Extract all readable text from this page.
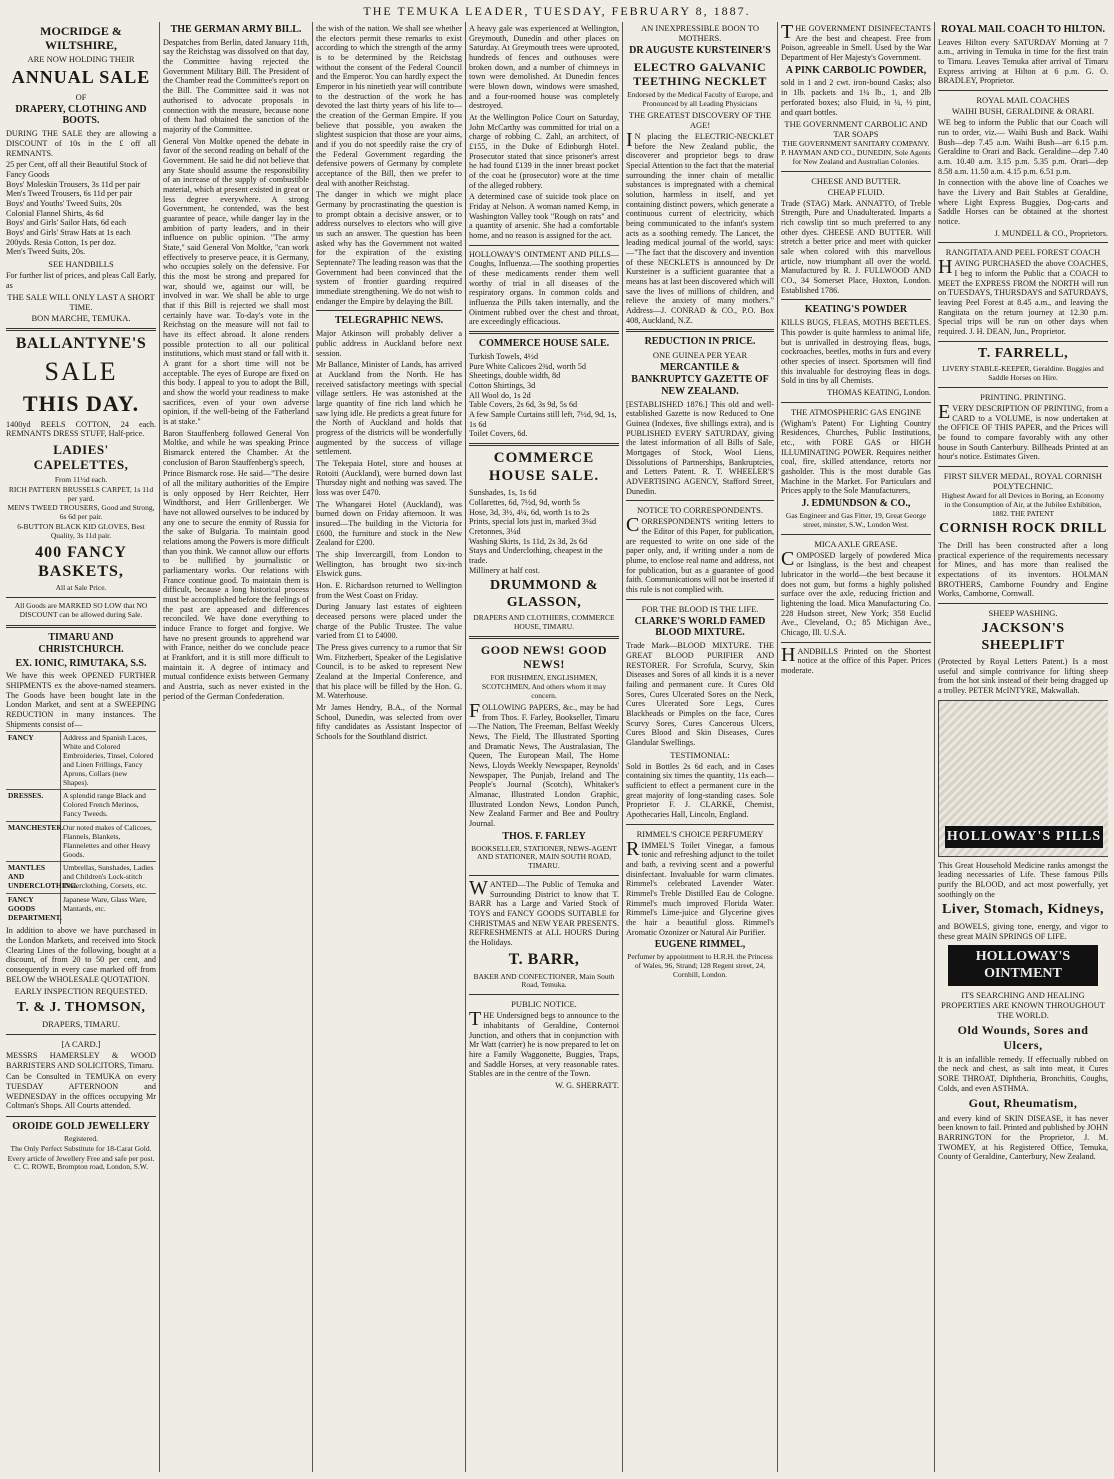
THE TEMUKA LEADER, TUESDAY, FEBRUARY 8, 1887.
MOCRIDGE & WILTSHIRE,
ARE NOW HOLDING THEIR
ANNUAL SALE
OF
DRAPERY, CLOTHING AND BOOTS.
DURING THE SALE they are allowing a DISCOUNT of 10s in the £ off all REMNANTS.
25 per Cent, off all their Beautiful Stock of Fancy Goods
Boys' Moleskin Trousers, 3s 11d per pair
Men's Tweed Trousers, 6s 11d per pair
Boys' and Youths' Tweed Suits, 20s
Colonial Flannel Shirts, 4s 6d
Boys' and Girls' Sailor Hats, 6d each
Boys' and Girls' Straw Hats at 1s each
200yds. Resia Cotton, 1s per doz.
Men's Tweed Suits, 20s.
SEE HANDBILLS
For further list of prices, and pleas Call Early, as
THE SALE WILL ONLY LAST A SHORT TIME.
BON MARCHE, TEMUKA.
BALLANTYNE'S
SALE
THIS DAY.
1400yd REELS COTTON, 24 each. REMNANTS DRESS STUFF, Half-price.
LADIES' CAPELETTES,
From 11½d each.
RICH PATTERN BRUSSELS CARPET, 1s 11d per yard.
MEN'S TWEED TROUSERS, Good and Strong, 6s 6d per pair.
6-BUTTON BLACK KID GLOVES, Best Quality, 3s 11d pair.
400 FANCY BASKETS,
All at Sale Price.
All Goods are MARKED SO LOW that NO DISCOUNT can be allowed during Sale.
TIMARU AND CHRISTCHURCH.
EX. IONIC, RIMUTAKA, S.S.
We have this week OPENED FURTHER SHIPMENTS ex the above-named steamers. The Goods have been bought late in the London Market, and sent at a SWEEPING REDUCTION in many instances. The Shipments consist of—
FANCY	Address and Spanish Laces, White and Colored Embroideries, Tinsel, Colored and Linen Frillings, Fancy Aprons, Collars (new Shapes).
DRESSES.	A splendid range Black and Colored French Merinos, Fancy Tweeds.
MANCHESTER. Our noted makes of Calicoes, Flannels, Blankets, Flannelettes and other Heavy Goods.
MANTLES AND UNDERCLOTHING.
Umbrellas, Sunshades, Ladies and Children's Lock-stitch Underclothing, Corsets, etc.
FANCY GOODS DEPARTMENT.
Japanese Ware, Glass Ware, Mantards, etc.
In addition to above we have purchased in the London Markets, and received into Stock Clearing Lines of the following, bought at a discount, of from 20 to 50 per cent, and consequently in every case marked off from BELOW the WHOLESALE QUOTATION.
EARLY INSPECTION REQUESTED.
T. & J. THOMSON,
DRAPERS, TIMARU.
[A CARD.]
MESSRS HAMERSLEY & WOOD BARRISTERS AND SOLICITORS, Timaru.
Can be Consulted in TEMUKA on every TUESDAY AFTERNOON and WEDNESDAY in the offices occupying Mr Coltman's Shops. All Courts attended.
OROIDE GOLD JEWELLERY
Registered.
The Only Perfect Substitute for 18-Carat Gold.
Every article of Jewellery Free and safe per post. C. C. ROWE, Brompton road, London, S.W.
THE GERMAN ARMY BILL.
Despatches from Berlin, dated January 11th, say the Reichstag was dissolved on that day, the Committee having rejected the Government Military Bill. The President of the Chamber read the Committee's report on the Bill. The Committee said it was not authorised to advocate proposals in connection with the measure, because none of them had obtained the sanction of the majority of the Committee.
General Von Moltke opened the debate in favor of the second reading on behalf of the Government. He said he did not believe that any State should assume the responsibility of an increase of the supply of combustible material, which at present existed in great or less degree everywhere. A strong Government, he contended, was the best guarantee of peace, while danger lay in the ambition of party leaders, and in their influence on public opinion. "The army State," said General Von Moltke, "can work effectively to preserve peace, it is Germany, who occupies solely on the defensive. For this the most be strong and prepared for war, should we, against our will, be involved in war. We shall be able to urge that if this Bill is rejected we shall most certainly have war. To-day's vote in the Reichstag on the measure will not fail to have its effect abroad. It alone renders possible protection to all our political institutions, which must stand or fall with it. A grant for a short time will not be acceptable. The eyes of Europe are fixed on this body. I appeal to you to adopt the Bill, and show the world your readiness to make sacrifices, even of your own adverse opinion, if the well-being of the Fatherland is at stake."
Baron Stauffenberg followed General Von Moltke, and while he was speaking Prince Bismarck entered the Chamber. At the conclusion of Baron Stauffenberg's speech,
Prince Bismarck rose. He said—"The desire of all the military authorities of the Empire is only opposed by Herr Reichter, Herr Windthorst, and Herr Grillenberger. We have not allowed ourselves to be induced by any one to secure the enmity of Russia for the sake of Bulgaria. To maintain good relations among the Powers is more difficult than you think. We cannot allow our efforts to be nullified by journalistic or parliamentary works. Our relations with France continue good. To maintain them is difficult, because a long historical process must be accomplished before the feelings of the past are appeased and differences reconciled. We have done everything to induce France to forget and forgive. We have no present grounds to apprehend war with France, neither do we conclude peace at Frankfort, and it is still more difficult to maintain it. A degree of intimacy and mutual confidence exists between Germany and Austria, such as never existed in the period of the German Confederation.
the wish of the nation. We shall see whether the electors permit these remarks to exist according to which the strength of the army is to be determined by the Reichstag without the consent of the Federal Council and the Emperor. You can hardly expect the Emperor in his ninetieth year will contribute to the destruction of the work he has devoted the last thirty years of his life to—the creation of the German Empire. If you believe that possible, you awaken the slightest suspicion that those are your aims, and if you do not speedily raise the cry of the Federal Government regarding the defensive powers of Germany by complete acceptance of the Bill, then we prefer to deal with another Reichstag.
The danger in which we might place Germany by procrastinating the question is to prompt obtain a decisive answer, or to address ourselves to electors who will give us such an answer. The question has been asked why has the Government not waited for the expiration of the existing Septennate? The leading reason was that the Government had been convinced that the system of frontier guarding required immediate strengthening. We do not wish to endanger the Empire by delaying the Bill.
TELEGRAPHIC NEWS.
Major Atkinson will probably deliver a public address in Auckland before next session.
Mr Ballance, Minister of Lands, has arrived at Auckland from the North. He has received satisfactory meetings with special village settlers. He was astonished at the large quantity of fine rich land which he saw lying idle. He predicts a great future for the North of Auckland and holds that progress of the districts will be wonderfully augmented by the success of village settlement.
The Tekepaia Hotel, store and houses at Rotoiti (Auckland), were burned down last Thursday night and nothing was saved. The loss was over £470.
The Whangarei Hotel (Auckland), was burned down on Friday afternoon. It was insured—The building in the Victoria for £600, the furniture and stock in the New Zealand for £200.
The ship Invercargill, from London to Wellington, has brought two six-inch Elswick guns.
Hon. E. Richardson returned to Wellington from the West Coast on Friday.
During January last estates of eighteen deceased persons were placed under the charge of the Public Trustee. The value varied from £1 to £4000.
The Press gives currency to a rumor that Sir Wm. Fitzherbert, Speaker of the Legislative Council, is to be asked to represent New Zealand at the Imperial Conference, and that his place will be filled by the Hon. G. M. Waterhouse.
Mr James Hendry, B.A., of the Normal School, Dunedin, was selected from over fifty candidates as Assistant Inspector of Schools for the Southland district.
A heavy gale was experienced at Wellington, Greymouth, Dunedin and other places on Saturday. At Greymouth trees were uprooted, hundreds of fences and outhouses were broken down, and a number of chimneys in town were demolished. At Dunedin fences were blown down, windows were smashed, and a four-roomed house was completely destroyed.
At the Wellington Police Court on Saturday, John McCarthy was committed for trial on a charge of robbing C. Zahl, an architect, of £155, in the Duke of Edinburgh Hotel. Prosecutor stated that since prisoner's arrest he had found £139 in the inner breast pocket of the coat he (prosecutor) wore at the time of the alleged robbery.
A determined case of suicide took place on Friday at Nelson. A woman named Kemp, in Washington Valley took "Rough on rats" and a quantity of arsenic. She had a comfortable home, and no reason is assigned for the act.
HOLLOWAY'S OINTMENT AND PILLS—Coughs, Influenza.—The soothing properties of these medicaments render them well worthy of trial in all diseases of the respiratory organs. In common colds and influenza the Pills taken internally, and the Ointment rubbed over the chest and throat, are exceedingly efficacious.
COMMERCE HOUSE SALE.
Turkish Towels, 4½d
Pure White Calicoes 2¾d, worth 5d
Sheetings, double width, 8d
Cotton Shirtings, 3d
All Wool do, 1s 2d
Table Covers, 2s 6d, 3s 9d, 5s 6d
A few Sample Curtains still left, 7½d, 9d, 1s, 1s 6d
Toilet Covers, 6d.
COMMERCE HOUSE SALE.
Sunshades, 1s, 1s 6d
Collarettes, 6d, 7½d, 9d, worth 5s
Hose, 3d, 3½, 4¼, 6d, worth 1s to 2s
Prints, special lots just in, marked 3¼d
Cretonnes, 3¼d
Washing Skirts, 1s 11d, 2s 3d, 2s 6d
Stays and Underclothing, cheapest in the trade.
Millinery at half cost.
DRUMMOND & GLASSON,
DRAPERS AND CLOTHIERS, COMMERCE HOUSE, TIMARU.
GOOD NEWS! GOOD NEWS!
FOR IRISHMEN, ENGLISHMEN, SCOTCHMEN, And others whom it may concern.
FOLLOWING PAPERS, &c., may be had from Thos. F. Farley, Bookseller, Timaru—The Nation, The Freeman, Belfast Weekly News, The Field, The Illustrated Sporting and Dramatic News, The Australasian, The Queen, The European Mail, The Home News, Lloyds Weekly Newspaper, Reynolds' Newspaper, The Punjab, Ireland and The People's Journal (Scotch), Whitaker's Almanac, Illustrated London Graphic, Illustrated London News, London Punch, New Zealand Farmer and Bee and Poultry Journal.
THOS. F. FARLEY
BOOKSELLER, STATIONER, NEWS-AGENT AND STATIONER, MAIN SOUTH ROAD, TIMARU.
WANTED—The Public of Temuka and Surrounding District to know that T. BARR has a Large and Varied Stock of TOYS and FANCY GOODS SUITABLE for CHRISTMAS and NEW YEAR PRESENTS. REFRESHMENTS at ALL HOURS During the Holidays.
T. BARR,
BAKER AND CONFECTIONER, Main South Road, Temuka.
PUBLIC NOTICE.
THE Undersigned begs to announce to the inhabitants of Geraldine, Conternoi Junction, and others that in conjunction with Mr Watt (carrier) he is now prepared to let on hire a Family Waggonette, Buggies, Traps, and Saddle Horses, at very reasonable rates. Stables are in the centre of the Town.
W. G. SHERRATT.
AN INEXPRESSIBLE BOON TO MOTHERS.
DR AUGUSTE KURSTEINER'S
ELECTRO GALVANIC TEETHING NECKLET
Endorsed by the Medical Faculty of Europe, and Pronounced by all Leading Physicians
THE GREATEST DISCOVERY OF THE AGE!
IN placing the ELECTRIC-NECKLET before the New Zealand public, the discoverer and proprietor begs to draw Special Attention to the fact that the material surrounding the inner chain of metallic substances is impregnated with a chemical solution, harmless in itself, and yet containing distinct powers, which generate a continuous current of electricity, which being communicated to the infant's system acts as a soothing remedy. The Lancet, the leading medical journal of the world, says:—"The fact that the discovery and invention of these NECKLETS is announced by Dr Kursteiner is a sufficient guarantee that a means has at last been discovered which will save the lives of millions of children, and relieve the anxiety of many mothers." Address—J. CONRAD & CO., P.O. Box 408, Auckland, N.Z.
REDUCTION IN PRICE.
ONE GUINEA PER YEAR
MERCANTILE & BANKRUPTCY GAZETTE OF NEW ZEALAND.
[ESTABLISHED 1876.] This old and well-established Gazette is now Reduced to One Guinea (Indexes, five shillings extra), and is PUBLISHED EVERY SATURDAY, giving the latest information of all Bills of Sale, Mortgages of Stock, Wool Liens, Dissolutions of Partnerships, Bankruptcies, and Letters Patent. R. T. WHEELER'S ADVERTISING AGENCY, Stafford Street, Dunedin.
NOTICE TO CORRESPONDENTS.
CORRESPONDENTS writing letters to the Editor of this Paper, for publication, are requested to write on one side of the paper only, and, if writing under a nom de plume, to enclose real name and address, not for publication, but as a guarantee of good faith. Communications will not be inserted if this rule is not complied with.
FOR THE BLOOD IS THE LIFE.
CLARKE'S WORLD FAMED BLOOD MIXTURE.
Trade Mark—BLOOD MIXTURE. THE GREAT BLOOD PURIFIER AND RESTORER. For Scrofula, Scurvy, Skin Diseases and Sores of all kinds it is a never failing and permanent cure. It Cures Old Sores, Cures Ulcerated Sores on the Neck, Cures Ulcerated Sore Legs, Cures Blackheads or Pimples on the face, Cures Scurvy Sores, Cures Cancerous Ulcers, Cures Blood and Skin Diseases, Cures Glandular Swellings.
TESTIMONIAL:
Sold in Bottles 2s 6d each, and in Cases containing six times the quantity, 11s each—sufficient to effect a permanent cure in the great majority of long-standing cases. Sole Proprietor F. J. CLARKE, Chemist, Apothecaries Hall, Lincoln, England.
RIMMEL'S CHOICE PERFUMERY
RIMMEL'S Toilet Vinegar, a famous tonic and refreshing adjunct to the toilet and bath, a reviving scent and a powerful disinfectant. Invaluable for warm climates. Rimmel's celebrated Lavender Water. Rimmel's Treble Distilled Eau de Cologne. Rimmel's much improved Florida Water. Rimmel's Lime-juice and Glycerine gives the hair a beautiful gloss. Rimmel's Aromatic Ozonizer or Natural Air Purifier.
EUGENE RIMMEL,
Perfumer by appointment to H.R.H. the Princess of Wales, 96, Strand; 128 Regent street, 24, Cornhill, London.
THE GOVERNMENT DISINFECTANTS Are the best and cheapest. Free from Poison, agreeable in Smell. Used by the War Department of Her Majesty's Government.
A PINK CARBOLIC POWDER,
sold in 1 and 2 cwt. iron-bound Casks; also in 1lb. packets and 1¼ lb., 1, and 2lb perforated boxes; also Fluid, in ¼, ½ pint, and quart bottles.
THE GOVERNMENT CARBOLIC AND TAR SOAPS
THE GOVERNMENT SANITARY COMPANY. P. HAYMAN AND CO., DUNEDIN, Sole Agents for New Zealand and Australian Colonies.
CHEESE AND BUTTER.
CHEAP FLUID.
Trade (STAG) Mark. ANNATTO, of Treble Strength, Pure and Unadulterated. Imparts a rich cowslip tint so much preferred to any other dyes. CHEESE AND BUTTER. Will stretch a better price and meet with quicker sale when colored with this marvellous article, now triumphant all over the world. Manufactured by R. J. FULLWOOD AND CO., 34 Somerset Place, Hoxton, London. Established 1786.
KEATING'S POWDER
KILLS BUGS, FLEAS, MOTHS BEETLES. This powder is quite harmless to animal life, but is unrivalled in destroying fleas, bugs, cockroaches, beetles, moths in furs and every other species of insect. Sportsmen will find this invaluable for destroying fleas in dogs. Sold in tins by all Chemists.
THOMAS KEATING, London.
THE ATMOSPHERIC GAS ENGINE
(Wigham's Patent) For Lighting Country Residences, Churches, Public Institutions, etc., with FORE GAS or HIGH ILLUMINATING POWER. Requires neither coal, fire, skilled attendance, retorts nor gasholder. This is the most durable Gas Machine in the Market. For Particulars and Prices apply to the Sole Manufacturers,
J. EDMUNDSON & CO.,
Gas Engineer and Gas Fitter, 19, Great George street, minster, S.W., London West.
MICA AXLE GREASE.
COMPOSED largely of powdered Mica or Isinglass, is the best and cheapest lubricator in the world—the best because it does not gum, but forms a highly polished surface over the axle, reducing friction and lightening the load. Mica Manufacturing Co. 228 Hudson street, New York; 358 Euclid Ave., Cleveland, O.; 85 Michigan Ave., Chicago, Ill. U.S.A.
HANDBILLS Printed on the Shortest notice at the office of this Paper. Prices moderate.
ROYAL MAIL COACH TO HILTON.
Leaves Hilton every SATURDAY Morning at 7 a.m., arriving in Temuka in time for the first train to Timaru. Leaves Temuka after arrival of Timaru Express arriving at Hilton at 6 p.m. G. O. BRADLEY, Proprietor.
ROYAL MAIL COACHES
WAIHI BUSH, GERALDINE & ORARI.
WE beg to inform the Public that our Coach will run to order, viz.— Waihi Bush and Back. Waihi Bush—dep 7.45 a.m. Waihi Bush—arr 6.15 p.m. Geraldine to Orari and Back. Geraldine—dep 7.40 a.m. 10.40 a.m. 3.15 p.m. 5.35 p.m. Orari—dep 8.58 a.m. 11.50 a.m. 4.15 p.m. 6.51 p.m.
In connection with the above line of Coaches we have the Livery and Bait Stables at Geraldine, where Light Express Buggies, Dog-carts and Saddle Horses can be obtained at the shortest notice.
J. MUNDELL & CO., Proprietors.
RANGITATA AND PEEL FOREST COACH
HAVING PURCHASED the above COACHES, I beg to inform the Public that a COACH to MEET the EXPRESS FROM the NORTH will run on TUESDAYS, THURSDAYS and SATURDAYS, leaving Peel Forest at 8.45 a.m., and leaving the Rangitata on the return journey at 12.30 p.m. Special trips will be run on other days when required. J. H. DEAN, Jun., Proprietor.
T. FARRELL,
LIVERY STABLE-KEEPER, Geraldine. Buggies and Saddle Horses on Hire.
PRINTING. PRINTING.
EVERY DESCRIPTION OF PRINTING, from a CARD to a VOLUME, is now undertaken at the OFFICE OF THIS PAPER, and the Prices will be found to compare favorably with any other house in South Canterbury. Billheads Printed at an hour's notice. Estimates Given.
FIRST SILVER MEDAL, ROYAL CORNISH POLYTECHNIC.
Highest Award for all Devices in Boring, an Economy in the Consumption of Air, at the Jubilee Exhibition, 1882. THE PATENT
CORNISH ROCK DRILL
The Drill has been constructed after a long practical experience of the requirements necessary for Mines, and has more than realised the expectations of its inventors. HOLMAN BROTHERS, Camborne Foundry and Engine Works, Camborne, Cornwall.
SHEEP WASHING.
JACKSON'S SHEEPLIFT
(Protected by Royal Letters Patent.) Is a most useful and simple contrivance for lifting sheep from the hot sink instead of their being dragged up a trolley. PETER McINTYRE, Makwallah.
HOLLOWAY'S PILLS
This Great Household Medicine ranks amongst the leading necessaries of Life. These famous Pills purify the BLOOD, and act most powerfully, yet soothingly on the
Liver, Stomach, Kidneys,
and BOWELS, giving tone, energy, and vigor to these great MAIN SPRINGS OF LIFE.
HOLLOWAY'S OINTMENT
ITS SEARCHING AND HEALING PROPERTIES ARE KNOWN THROUGHOUT THE WORLD.
Old Wounds, Sores and Ulcers,
It is an infallible remedy. If effectually rubbed on the neck and chest, as salt into meat, it Cures SORE THROAT, Diphtheria, Bronchitis, Coughs, Colds, and even ASTHMA.
Gout, Rheumatism,
and every kind of SKIN DISEASE, it has never been known to fail. Printed and published by JOHN BARRINGTON for the Proprietor, J. M. TWOMEY, at his Registered Office, Temuka, County of Geraldine, Canterbury, New Zealand.
